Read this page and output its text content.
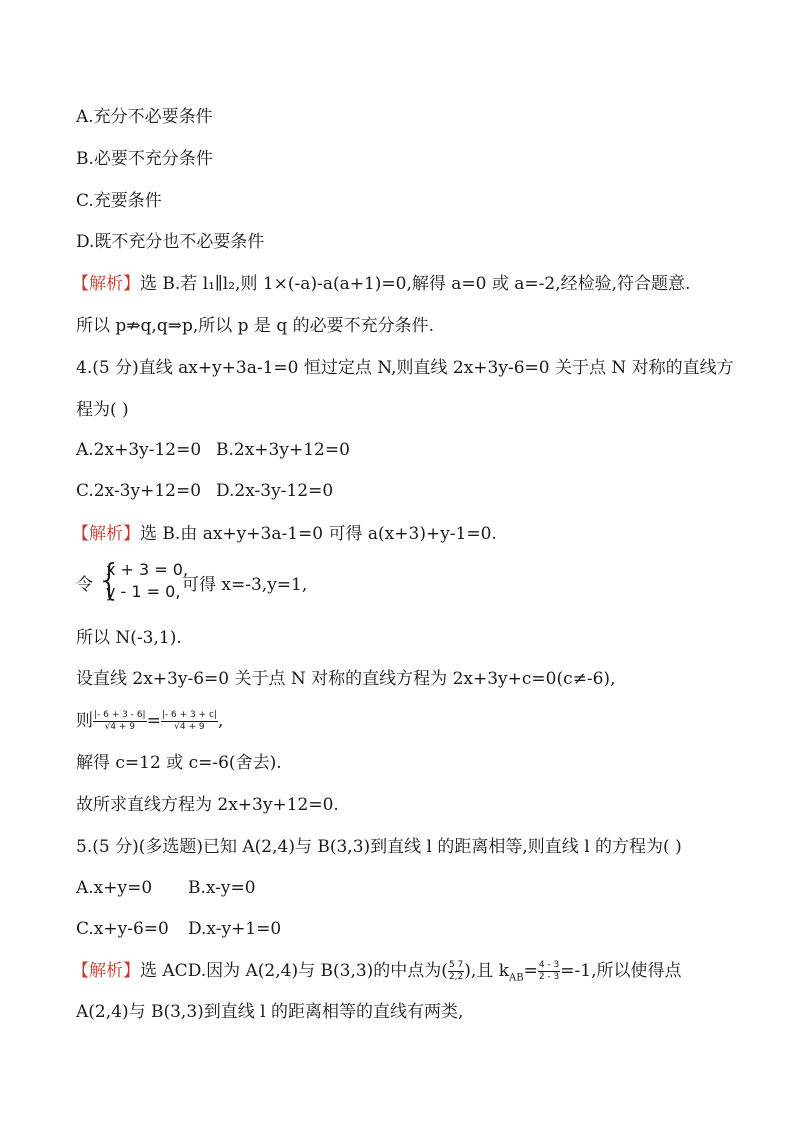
A.充分不必要条件
B.必要不充分条件
C.充要条件
D.既不充分也不必要条件
【解析】选 B.若 l₁∥l₂,则 1×(-a)-a(a+1)=0,解得 a=0 或 a=-2,经检验,符合题意.
所以 p⇏q,q⇒p,所以 p 是 q 的必要不充分条件.
4.(5 分)直线 ax+y+3a-1=0 恒过定点 N,则直线 2x+3y-6=0 关于点 N 对称的直线方
程为( )
A.2x+3y-12=0 B.2x+3y+12=0
C.2x-3y+12=0 D.2x-3y-12=0
【解析】选 B.由 ax+y+3a-1=0 可得 a(x+3)+y-1=0.
令 {
x + 3 = 0,
y - 1 = 0, 可得 x=-3,y=1,
所以 N(-3,1).
设直线 2x+3y-6=0 关于点 N 对称的直线方程为 2x+3y+c=0(c≠-6),
则 $\frac{|- 6 + 3 - 6|}{√4 + 9} = \frac{|- 6 + 3 + c|}{√4 + 9}$ ,
解得 c=12 或 c=-6(舍去).
故所求直线方程为 2x+3y+12=0.
5.(5 分)(多选题)已知 A(2,4)与 B(3,3)到直线 l 的距离相等,则直线 l 的方程为( )
A.x+y=0 B.x-y=0
C.x+y-6=0 D.x-y+1=0
【解析】选 ACD.因为 A(2,4)与 B(3,3)的中点为( $\frac{5 7}{2,2}$ ),且 $k_{AB}= \frac{4 - 3}{2 - 3} =-1$,所以使得点
A(2,4)与 B(3,3)到直线 l 的距离相等的直线有两类,
